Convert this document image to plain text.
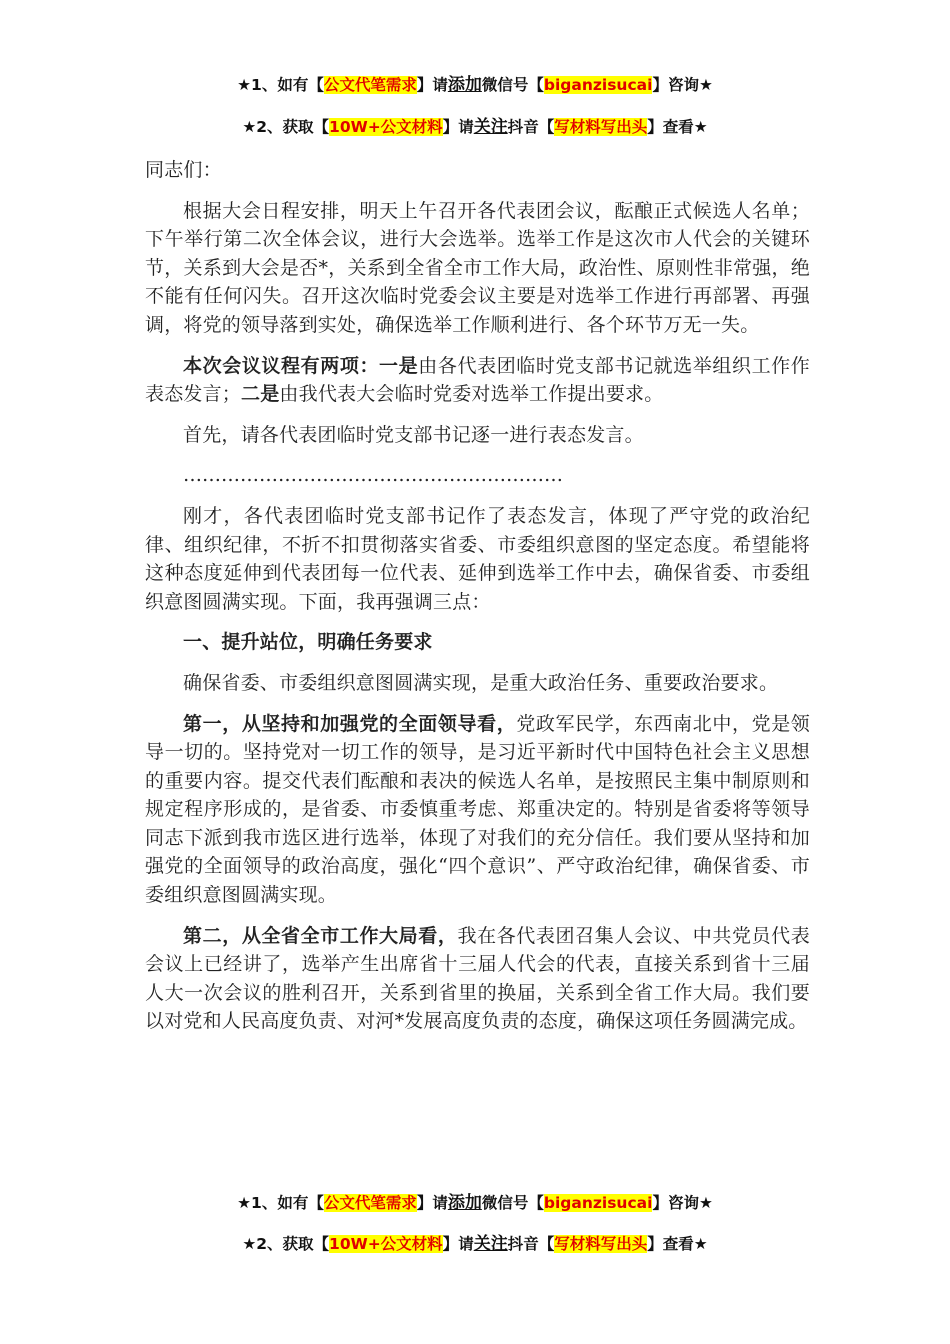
★1、如有【公文代笔需求】请添加微信号【biganzisucai】咨询★
★2、获取【10W+公文材料】请关注抖音【写材料写出头】查看★

同志们：

根据大会日程安排，明天上午召开各代表团会议，酝酿正式候选人名单；下午举行第二次全体会议，进行大会选举。选举工作是这次市人代会的关键环节，关系到大会是否*，关系到全省全市工作大局，政治性、原则性非常强，绝不能有任何闪失。召开这次临时党委会议主要是对选举工作进行再部署、再强调，将党的领导落到实处，确保选举工作顺利进行、各个环节万无一失。

本次会议议程有两项：一是由各代表团临时党支部书记就选举组织工作作表态发言；二是由我代表大会临时党委对选举工作提出要求。

首先，请各代表团临时党支部书记逐一进行表态发言。

……………………………………………………

刚才，各代表团临时党支部书记作了表态发言，体现了严守党的政治纪律、组织纪律，不折不扣贯彻落实省委、市委组织意图的坚定态度。希望能将这种态度延伸到代表团每一位代表、延伸到选举工作中去，确保省委、市委组织意图圆满实现。下面，我再强调三点：

一、提升站位，明确任务要求

确保省委、市委组织意图圆满实现，是重大政治任务、重要政治要求。

第一，从坚持和加强党的全面领导看，党政军民学，东西南北中，党是领导一切的。坚持党对一切工作的领导，是习近平新时代中国特色社会主义思想的重要内容。提交代表们酝酿和表决的候选人名单，是按照民主集中制原则和规定程序形成的，是省委、市委慎重考虑、郑重决定的。特别是省委将等领导同志下派到我市选区进行选举，体现了对我们的充分信任。我们要从坚持和加强党的全面领导的政治高度，强化“四个意识”、严守政治纪律，确保省委、市委组织意图圆满实现。

第二，从全省全市工作大局看，我在各代表团召集人会议、中共党员代表会议上已经讲了，选举产生出席省十三届人代会的代表，直接关系到省十三届人大一次会议的胜利召开，关系到省里的换届，关系到全省工作大局。我们要以对党和人民高度负责、对河*发展高度负责的态度，确保这项任务圆满完成。

★1、如有【公文代笔需求】请添加微信号【biganzisucai】咨询★
★2、获取【10W+公文材料】请关注抖音【写材料写出头】查看★
